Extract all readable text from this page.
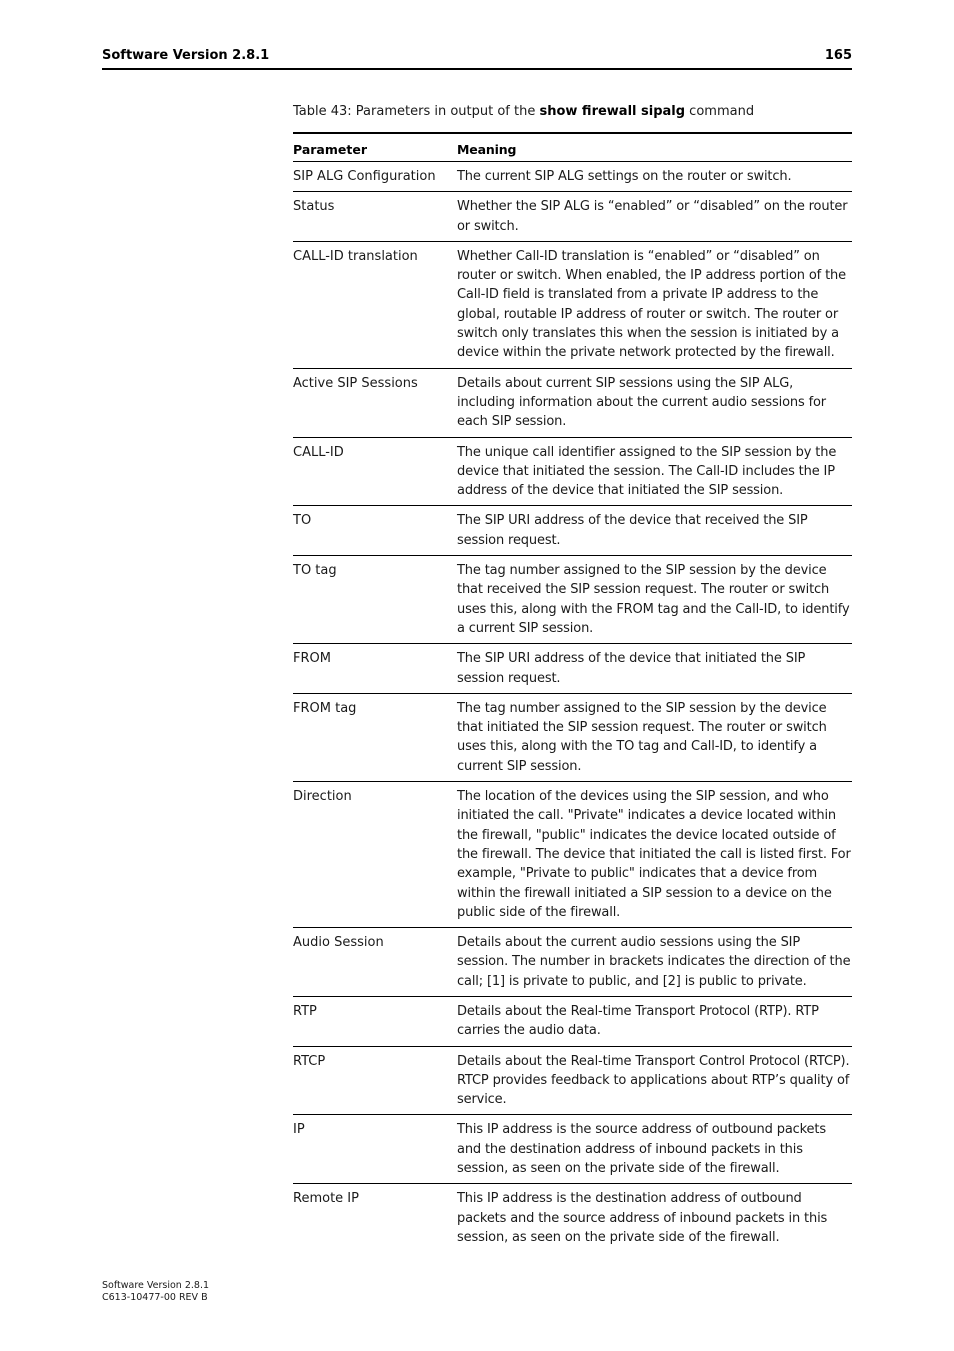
Software Version 2.8.1	165
Table 43: Parameters in output of the show firewall sipalg command
Parameter	Meaning
SIP ALG Configuration	The current SIP ALG settings on the router or switch.
Status	Whether the SIP ALG is “enabled” or “disabled” on the router or switch.
CALL-ID translation	Whether Call-ID translation is “enabled” or “disabled” on router or switch. When enabled, the IP address portion of the Call-ID field is translated from a private IP address to the global, routable IP address of router or switch. The router or switch only translates this when the session is initiated by a device within the private network protected by the firewall.
Active SIP Sessions	Details about current SIP sessions using the SIP ALG, including information about the current audio sessions for each SIP session.
CALL-ID	The unique call identifier assigned to the SIP session by the device that initiated the session. The Call-ID includes the IP address of the device that initiated the SIP session.
TO	The SIP URI address of the device that received the SIP session request.
TO tag	The tag number assigned to the SIP session by the device that received the SIP session request. The router or switch uses this, along with the FROM tag and the Call-ID, to identify a current SIP session.
FROM	The SIP URI address of the device that initiated the SIP session request.
FROM tag	The tag number assigned to the SIP session by the device that initiated the SIP session request. The router or switch uses this, along with the TO tag and Call-ID, to identify a current SIP session.
Direction	The location of the devices using the SIP session, and who initiated the call. "Private" indicates a device located within the firewall, "public" indicates the device located outside of the firewall. The device that initiated the call is listed first. For example, "Private to public" indicates that a device from within the firewall initiated a SIP session to a device on the public side of the firewall.
Audio Session	Details about the current audio sessions using the SIP session. The number in brackets indicates the direction of the call; [1] is private to public, and [2] is public to private.
RTP	Details about the Real-time Transport Protocol (RTP). RTP carries the audio data.
RTCP	Details about the Real-time Transport Control Protocol (RTCP). RTCP provides feedback to applications about RTP’s quality of service.
IP	This IP address is the source address of outbound packets and the destination address of inbound packets in this session, as seen on the private side of the firewall.
Remote IP	This IP address is the destination address of outbound packets and the source address of inbound packets in this session, as seen on the private side of the firewall.
Software Version 2.8.1
C613-10477-00 REV B
